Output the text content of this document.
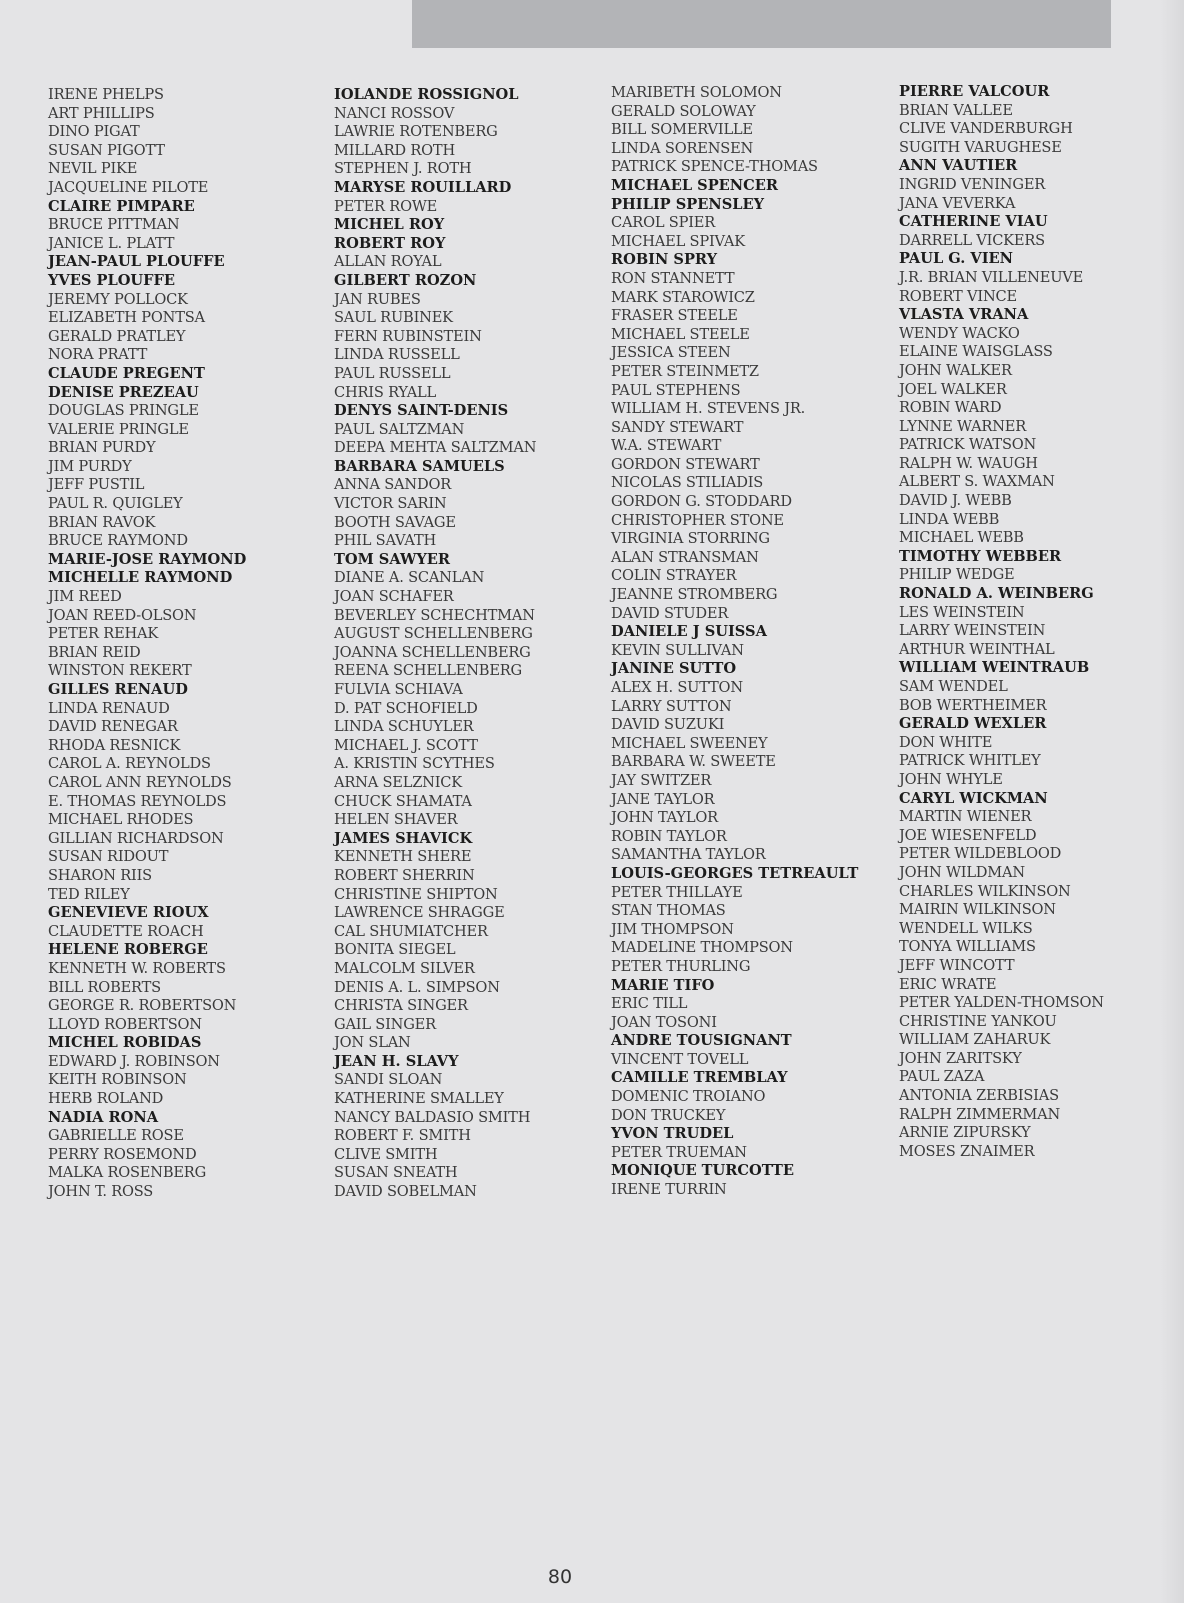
IRENE PHELPS
ART PHILLIPS
DINO PIGAT
SUSAN PIGOTT
NEVIL PIKE
JACQUELINE PILOTE
CLAIRE PIMPARE
BRUCE PITTMAN
JANICE L. PLATT
JEAN-PAUL PLOUFFE
YVES PLOUFFE
JEREMY POLLOCK
ELIZABETH PONTSA
GERALD PRATLEY
NORA PRATT
CLAUDE PREGENT
DENISE PREZEAU
DOUGLAS PRINGLE
VALERIE PRINGLE
BRIAN PURDY
JIM PURDY
JEFF PUSTIL
PAUL R. QUIGLEY
BRIAN RAVOK
BRUCE RAYMOND
MARIE-JOSE RAYMOND
MICHELLE RAYMOND
JIM REED
JOAN REED-OLSON
PETER REHAK
BRIAN REID
WINSTON REKERT
GILLES RENAUD
LINDA RENAUD
DAVID RENEGAR
RHODA RESNICK
CAROL A. REYNOLDS
CAROL ANN REYNOLDS
E. THOMAS REYNOLDS
MICHAEL RHODES
GILLIAN RICHARDSON
SUSAN RIDOUT
SHARON RIIS
TED RILEY
GENEVIEVE RIOUX
CLAUDETTE ROACH
HELENE ROBERGE
KENNETH W. ROBERTS
BILL ROBERTS
GEORGE R. ROBERTSON
LLOYD ROBERTSON
MICHEL ROBIDAS
EDWARD J. ROBINSON
KEITH ROBINSON
HERB ROLAND
NADIA RONA
GABRIELLE ROSE
PERRY ROSEMOND
MALKA ROSENBERG
JOHN T. ROSS
IOLANDE ROSSIGNOL
NANCI ROSSOV
LAWRIE ROTENBERG
MILLARD ROTH
STEPHEN J. ROTH
MARYSE ROUILLARD
PETER ROWE
MICHEL ROY
ROBERT ROY
ALLAN ROYAL
GILBERT ROZON
JAN RUBES
SAUL RUBINEK
FERN RUBINSTEIN
LINDA RUSSELL
PAUL RUSSELL
CHRIS RYALL
DENYS SAINT-DENIS
PAUL SALTZMAN
DEEPA MEHTA SALTZMAN
BARBARA SAMUELS
ANNA SANDOR
VICTOR SARIN
BOOTH SAVAGE
PHIL SAVATH
TOM SAWYER
DIANE A. SCANLAN
JOAN SCHAFER
BEVERLEY SCHECHTMAN
AUGUST SCHELLENBERG
JOANNA SCHELLENBERG
REENA SCHELLENBERG
FULVIA SCHIAVA
D. PAT SCHOFIELD
LINDA SCHUYLER
MICHAEL J. SCOTT
A. KRISTIN SCYTHES
ARNA SELZNICK
CHUCK SHAMATA
HELEN SHAVER
JAMES SHAVICK
KENNETH SHERE
ROBERT SHERRIN
CHRISTINE SHIPTON
LAWRENCE SHRAGGE
CAL SHUMIATCHER
BONITA SIEGEL
MALCOLM SILVER
DENIS A. L. SIMPSON
CHRISTA SINGER
GAIL SINGER
JON SLAN
JEAN H. SLAVY
SANDI SLOAN
KATHERINE SMALLEY
NANCY BALDASIO SMITH
ROBERT F. SMITH
CLIVE SMITH
SUSAN SNEATH
DAVID SOBELMAN
MARIBETH SOLOMON
GERALD SOLOWAY
BILL SOMERVILLE
LINDA SORENSEN
PATRICK SPENCE-THOMAS
MICHAEL SPENCER
PHILIP SPENSLEY
CAROL SPIER
MICHAEL SPIVAK
ROBIN SPRY
RON STANNETT
MARK STAROWICZ
FRASER STEELE
MICHAEL STEELE
JESSICA STEEN
PETER STEINMETZ
PAUL STEPHENS
WILLIAM H. STEVENS JR.
SANDY STEWART
W.A. STEWART
GORDON STEWART
NICOLAS STILIADIS
GORDON G. STODDARD
CHRISTOPHER STONE
VIRGINIA STORRING
ALAN STRANSMAN
COLIN STRAYER
JEANNE STROMBERG
DAVID STUDER
DANIELE J SUISSA
KEVIN SULLIVAN
JANINE SUTTO
ALEX H. SUTTON
LARRY SUTTON
DAVID SUZUKI
MICHAEL SWEENEY
BARBARA W. SWEETE
JAY SWITZER
JANE TAYLOR
JOHN TAYLOR
ROBIN TAYLOR
SAMANTHA TAYLOR
LOUIS-GEORGES TETREAULT
PETER THILLAYE
STAN THOMAS
JIM THOMPSON
MADELINE THOMPSON
PETER THURLING
MARIE TIFO
ERIC TILL
JOAN TOSONI
ANDRE TOUSIGNANT
VINCENT TOVELL
CAMILLE TREMBLAY
DOMENIC TROIANO
DON TRUCKEY
YVON TRUDEL
PETER TRUEMAN
MONIQUE TURCOTTE
IRENE TURRIN
PIERRE VALCOUR
BRIAN VALLEE
CLIVE VANDERBURGH
SUGITH VARUGHESE
ANN VAUTIER
INGRID VENINGER
JANA VEVERKA
CATHERINE VIAU
DARRELL VICKERS
PAUL G. VIEN
J.R. BRIAN VILLENEUVE
ROBERT VINCE
VLASTA VRANA
WENDY WACKO
ELAINE WAISGLASS
JOHN WALKER
JOEL WALKER
ROBIN WARD
LYNNE WARNER
PATRICK WATSON
RALPH W. WAUGH
ALBERT S. WAXMAN
DAVID J. WEBB
LINDA WEBB
MICHAEL WEBB
TIMOTHY WEBBER
PHILIP WEDGE
RONALD A. WEINBERG
LES WEINSTEIN
LARRY WEINSTEIN
ARTHUR WEINTHAL
WILLIAM WEINTRAUB
SAM WENDEL
BOB WERTHEIMER
GERALD WEXLER
DON WHITE
PATRICK WHITLEY
JOHN WHYLE
CARYL WICKMAN
MARTIN WIENER
JOE WIESENFELD
PETER WILDEBLOOD
JOHN WILDMAN
CHARLES WILKINSON
MAIRIN WILKINSON
WENDELL WILKS
TONYA WILLIAMS
JEFF WINCOTT
ERIC WRATE
PETER YALDEN-THOMSON
CHRISTINE YANKOU
WILLIAM ZAHARUK
JOHN ZARITSKY
PAUL ZAZA
ANTONIA ZERBISIAS
RALPH ZIMMERMAN
ARNIE ZIPURSKY
MOSES ZNAIMER
80
